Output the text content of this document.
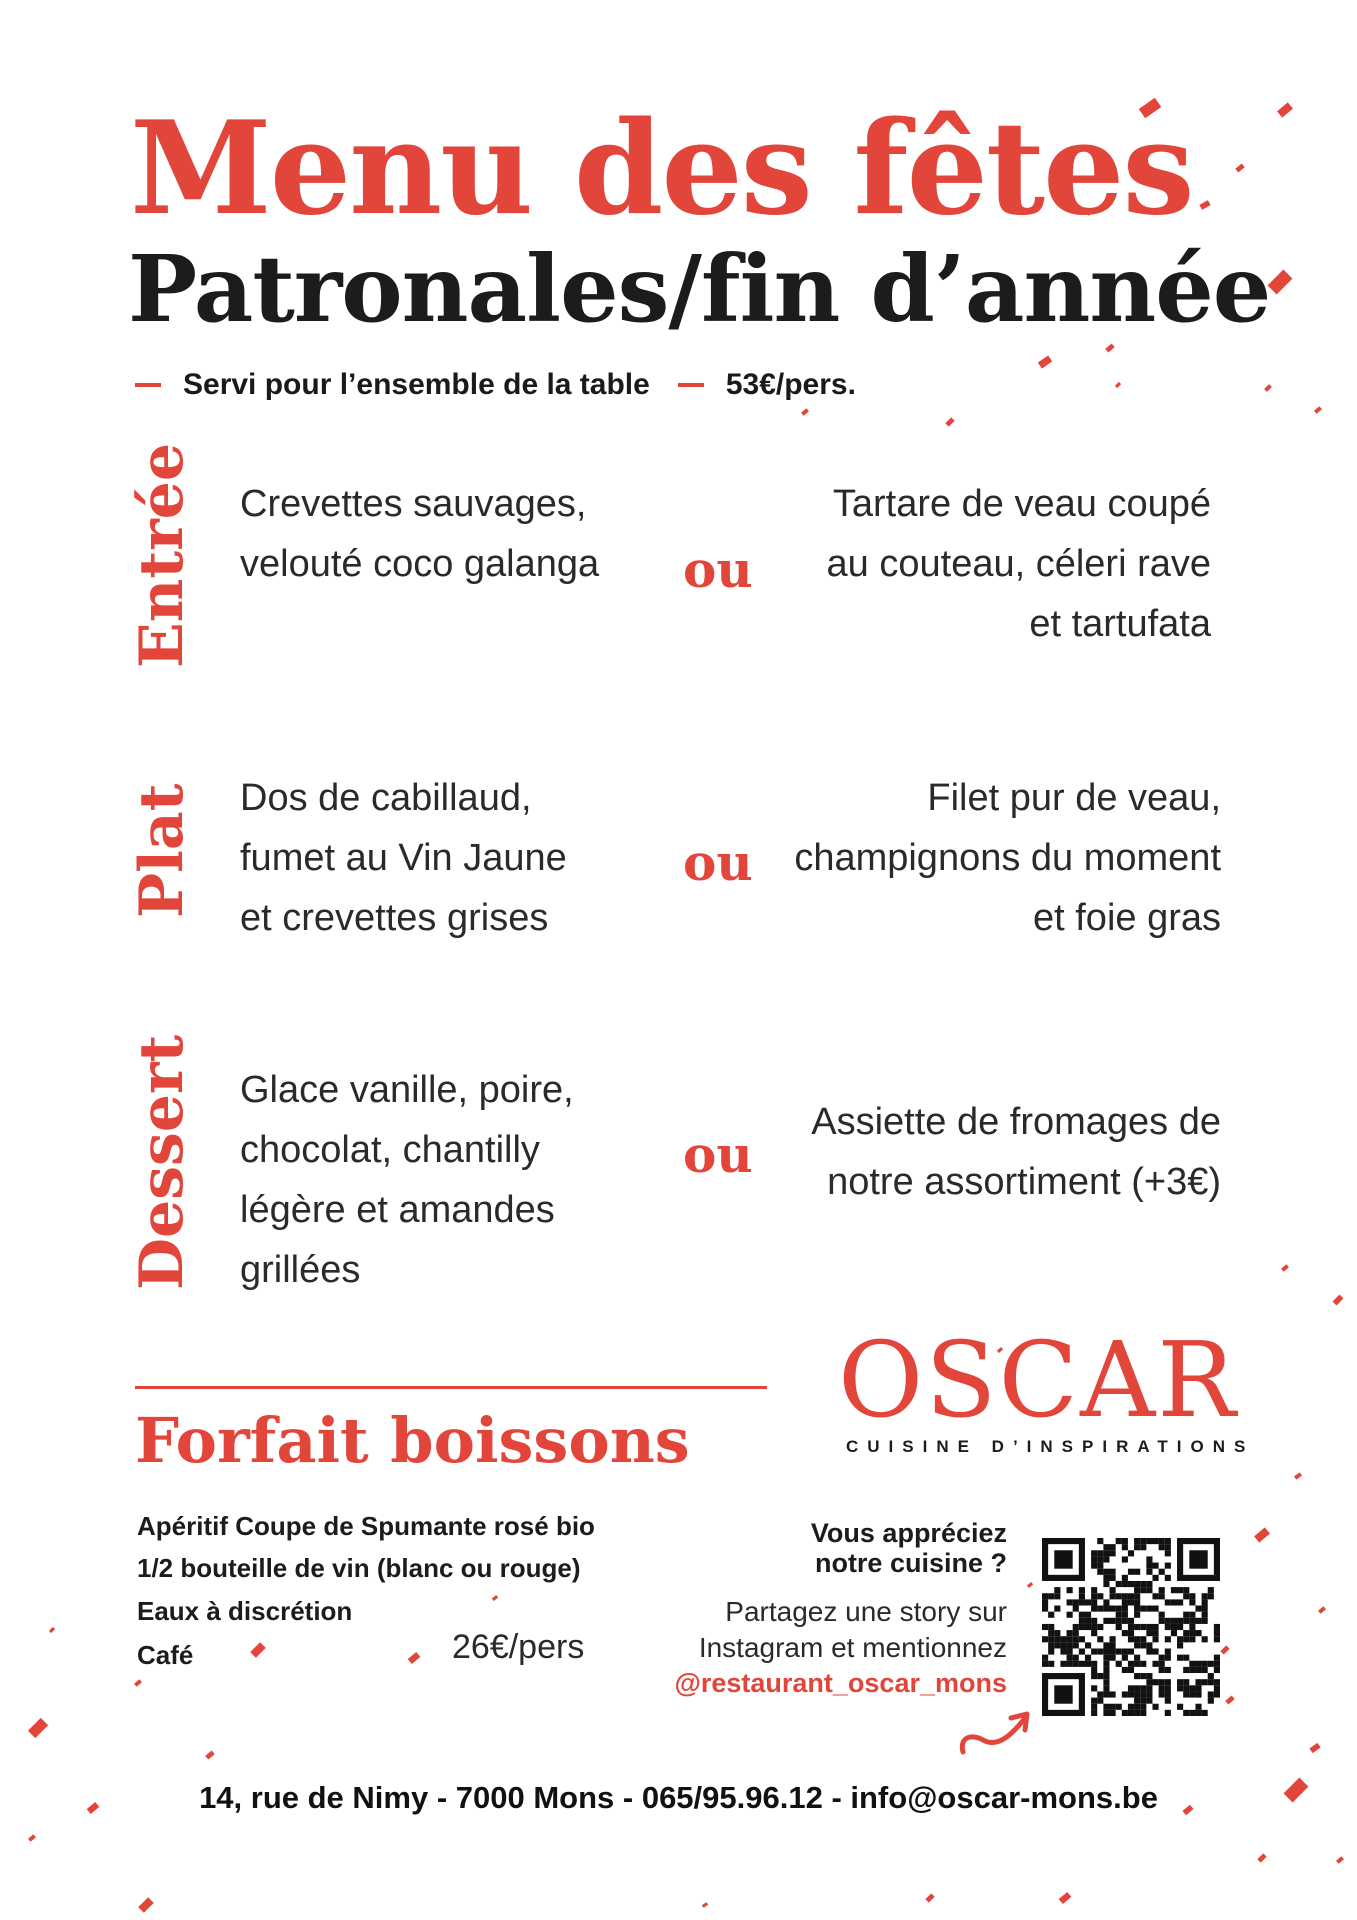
Menu des fêtes
Patronales/fin d’année
Servi pour l’ensemble de la table	53€/pers.
Entrée Crevettes sauvages,
velouté coco galanga ou
Tartare de veau coupé
au couteau, céleri rave
et tartufata
Plat Dos de cabillaud,
fumet au Vin Jaune
et crevettes grises
ou
Filet pur de veau,
champignons du moment
et foie gras
Dessert Glace vanille, poire,
chocolat, chantilly
légère et amandes
grillées
ou
Assiette de fromages de
notre assortiment (+3€)
Forfait boissons
Apéritif Coupe de Spumante rosé bio
1/2 bouteille de vin (blanc ou rouge)
Eaux à discrétion
Café	26€/pers
OSCAR
CUISINE D’INSPIRATIONS
Vous appréciez
notre cuisine ?
Partagez une story sur
Instagram et mentionnez
@restaurant_oscar_mons
14, rue de Nimy - 7000 Mons - 065/95.96.12 - info@oscar-mons.be
